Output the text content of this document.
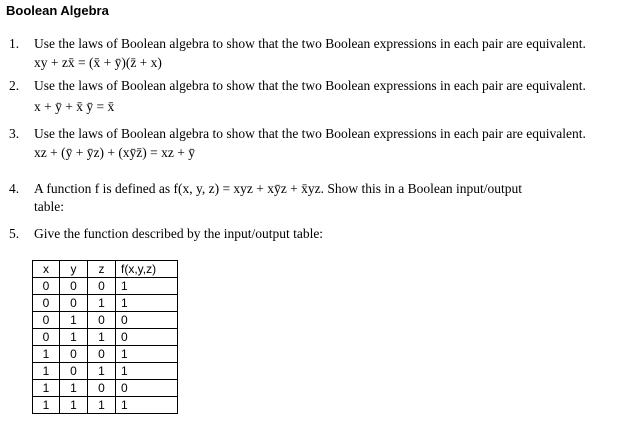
Boolean Algebra
1. Use the laws of Boolean algebra to show that the two Boolean expressions in each pair are equivalent.
xy + zx̄ = (x̄ + ȳ)(z̄ + x)
2. Use the laws of Boolean algebra to show that the two Boolean expressions in each pair are equivalent.
x + ȳ + x̄ ȳ = x̄
3. Use the laws of Boolean algebra to show that the two Boolean expressions in each pair are equivalent.
xz + (ȳ + ȳz) + (xȳz̄) = xz + ȳ
4. A function f is defined as f(x, y, z) = xyz + xȳz + x̄yz. Show this in a Boolean input/output
table:
5. Give the function described by the input/output table:
x	y	z	f(x,y,z)
0	0	0	1
0	0	1	1
0	1	0	0
0	1	1	0
1	0	0	1
1	0	1	1
1	1	0	0
1	1	1	1
